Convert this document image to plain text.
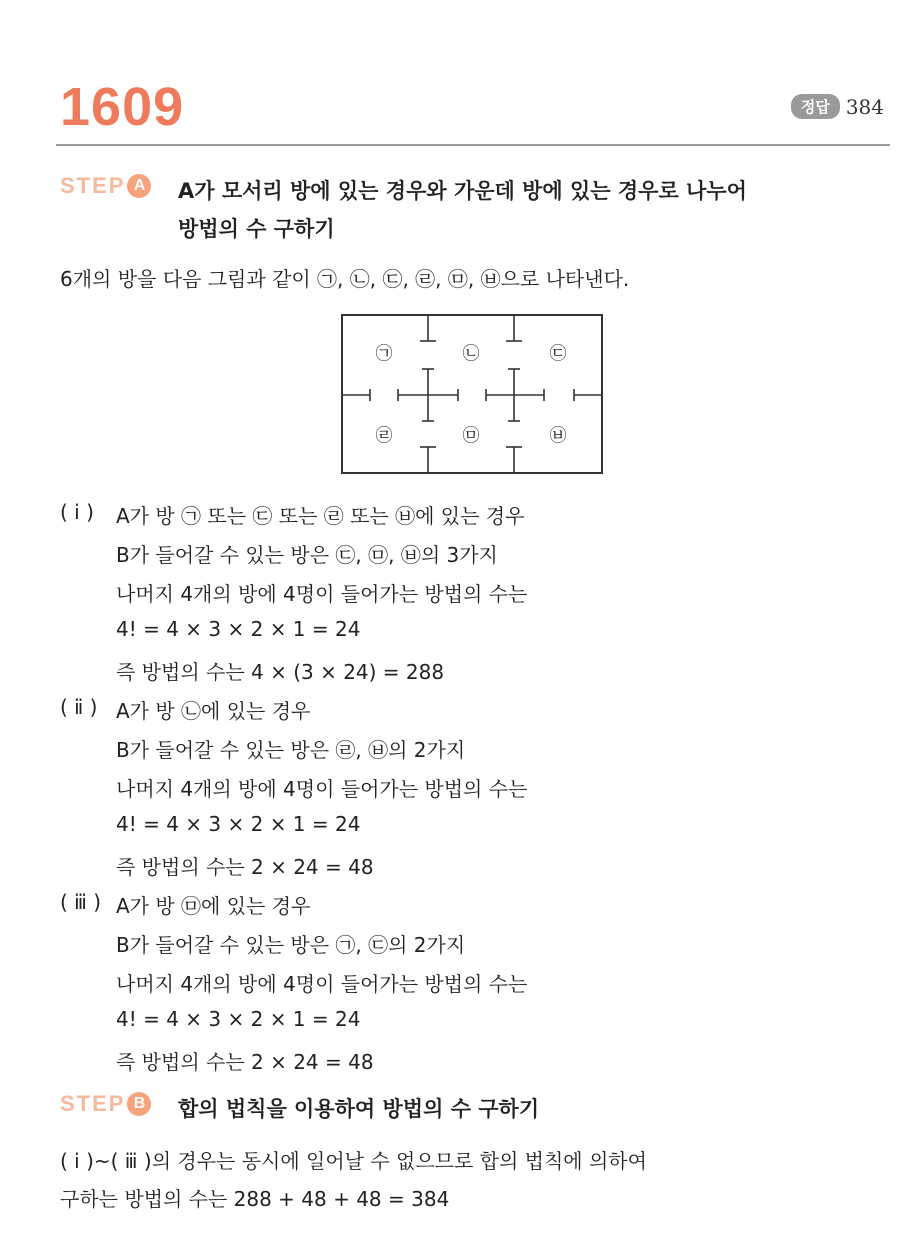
1609	정답 384
STEP A A가 모서리 방에 있는 경우와 가운데 방에 있는 경우로 나누어
방법의 수 구하기
6개의 방을 다음 그림과 같이 ㉠, ㉡, ㉢, ㉣, ㉤, ㉥으로 나타낸다.
㉠	㉡	㉢
㉣	㉤	㉥
( ⅰ ) A가 방 ㉠ 또는 ㉢ 또는 ㉣ 또는 ㉥에 있는 경우
B가 들어갈 수 있는 방은 ㉢, ㉤, ㉥의 3가지
나머지 4개의 방에 4명이 들어가는 방법의 수는
4! = 4 × 3 × 2 × 1 = 24
즉 방법의 수는 4 × (3 × 24) = 288
( ⅱ ) A가 방 ㉡에 있는 경우
B가 들어갈 수 있는 방은 ㉣, ㉥의 2가지
나머지 4개의 방에 4명이 들어가는 방법의 수는
4! = 4 × 3 × 2 × 1 = 24
즉 방법의 수는 2 × 24 = 48
( ⅲ ) A가 방 ㉤에 있는 경우
B가 들어갈 수 있는 방은 ㉠, ㉢의 2가지
나머지 4개의 방에 4명이 들어가는 방법의 수는
4! = 4 × 3 × 2 × 1 = 24
즉 방법의 수는 2 × 24 = 48
STEP B 합의 법칙을 이용하여 방법의 수 구하기
( ⅰ )~( ⅲ )의 경우는 동시에 일어날 수 없으므로 합의 법칙에 의하여
구하는 방법의 수는 288 + 48 + 48 = 384
